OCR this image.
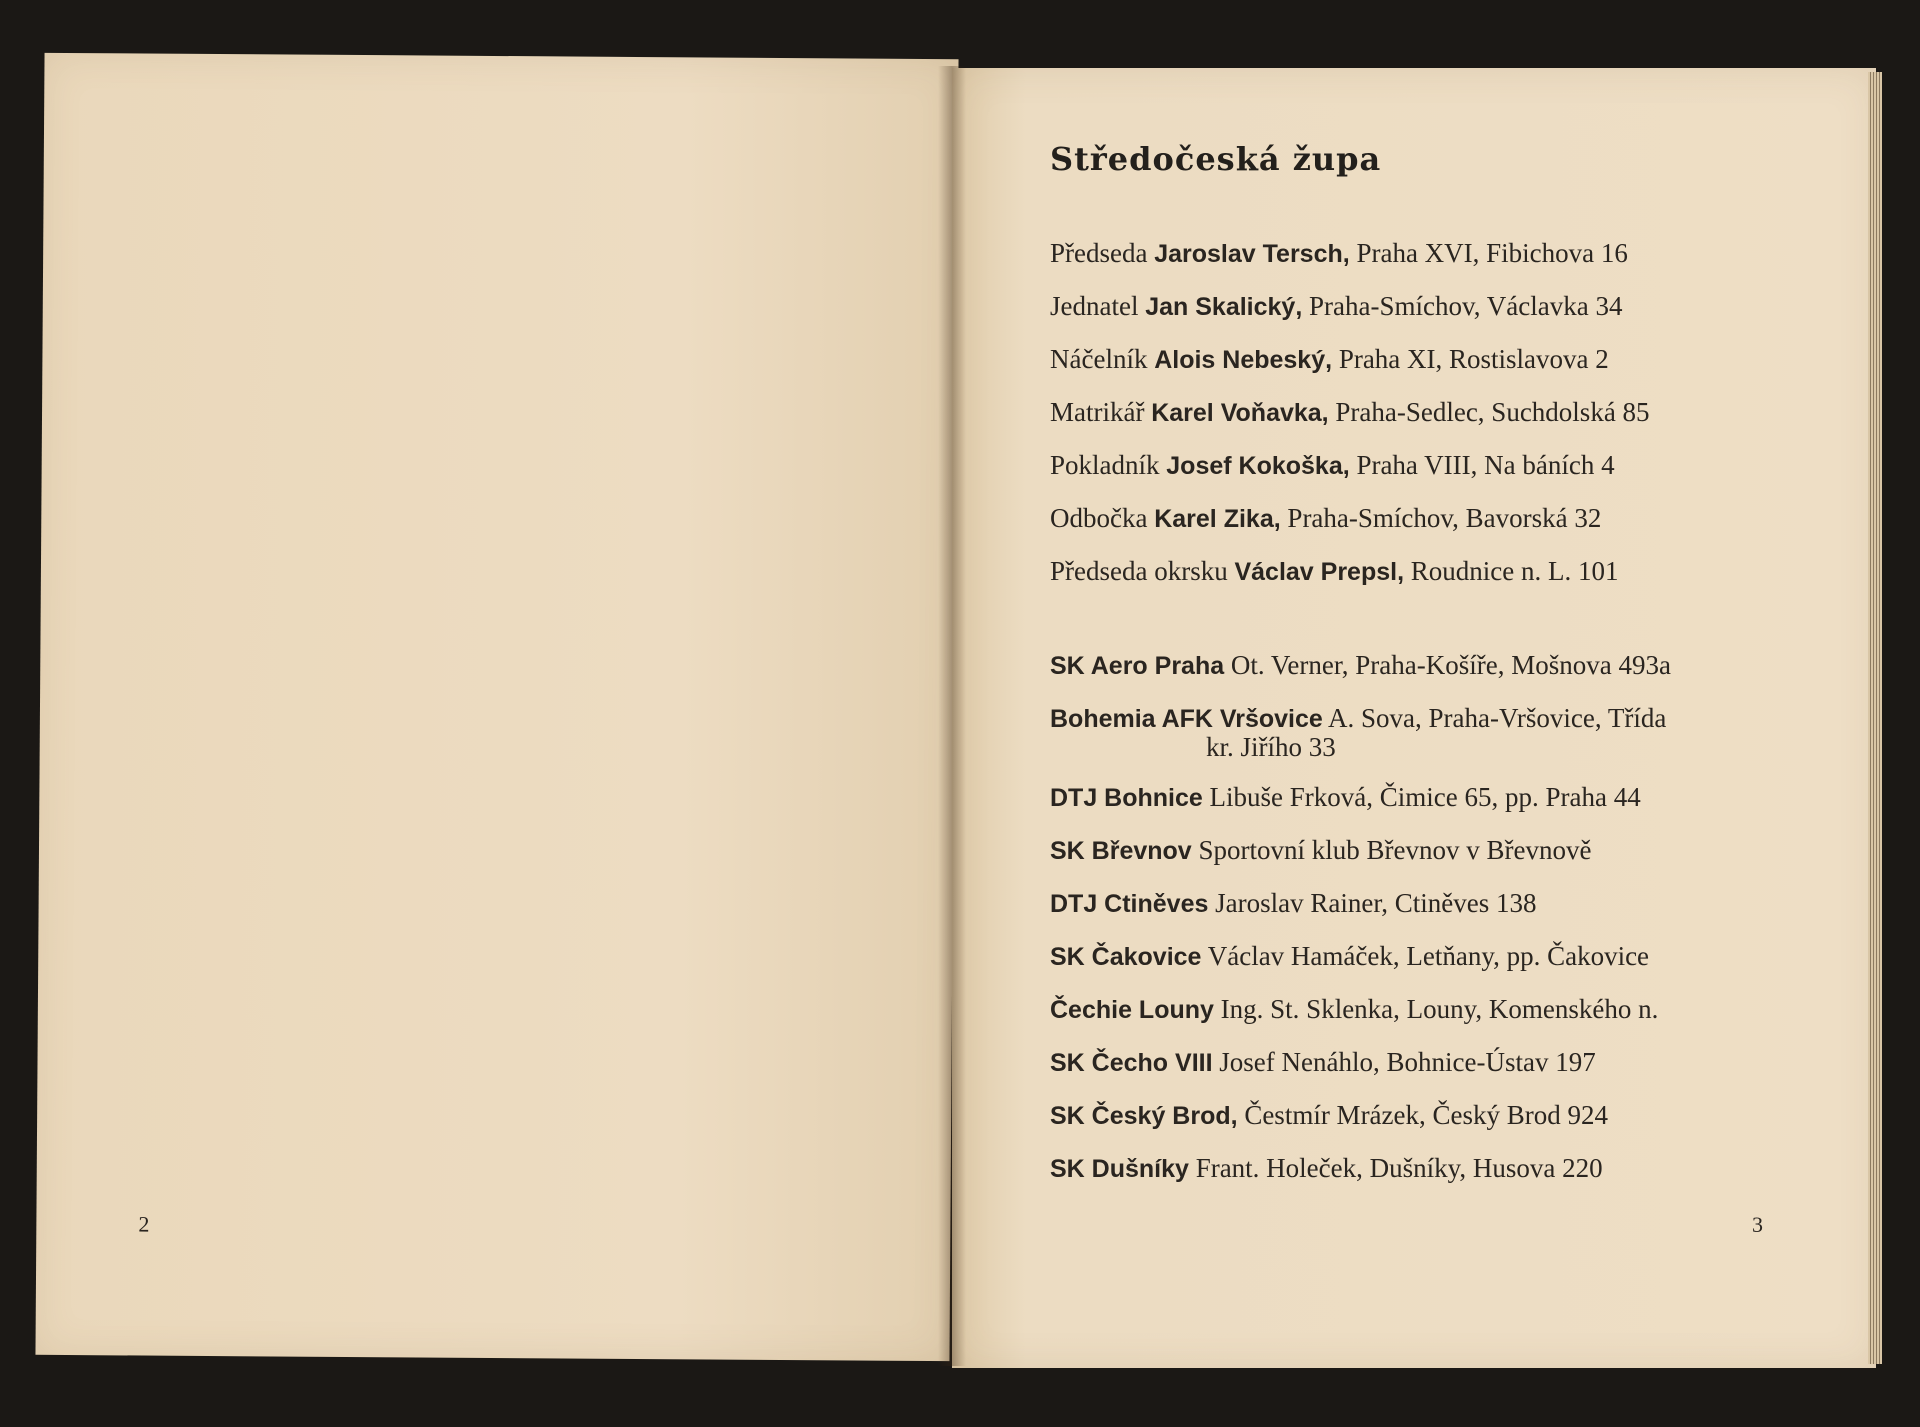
2
Středočeská župa
Předseda Jaroslav Tersch, Praha XVI, Fibichova 16
Jednatel Jan Skalický, Praha-Smíchov, Václavka 34
Náčelník Alois Nebeský, Praha XI, Rostislavova 2
Matrikář Karel Voňavka, Praha-Sedlec, Suchdolská 85
Pokladník Josef Kokoška, Praha VIII, Na báních 4
Odbočka Karel Zika, Praha-Smíchov, Bavorská 32
Předseda okrsku Václav Prepsl, Roudnice n. L. 101
SK Aero Praha Ot. Verner, Praha-Košíře, Mošnova 493a
Bohemia AFK Vršovice A. Sova, Praha-Vršovice, Třída
kr. Jiřího 33
DTJ Bohnice Libuše Frková, Čimice 65, pp. Praha 44
SK Břevnov Sportovní klub Břevnov v Břevnově
DTJ Ctiněves Jaroslav Rainer, Ctiněves 138
SK Čakovice Václav Hamáček, Letňany, pp. Čakovice
Čechie Louny Ing. St. Sklenka, Louny, Komenského n.
SK Čecho VIII Josef Nenáhlo, Bohnice-Ústav 197
SK Český Brod, Čestmír Mrázek, Český Brod 924
SK Dušníky Frant. Holeček, Dušníky, Husova 220
3
